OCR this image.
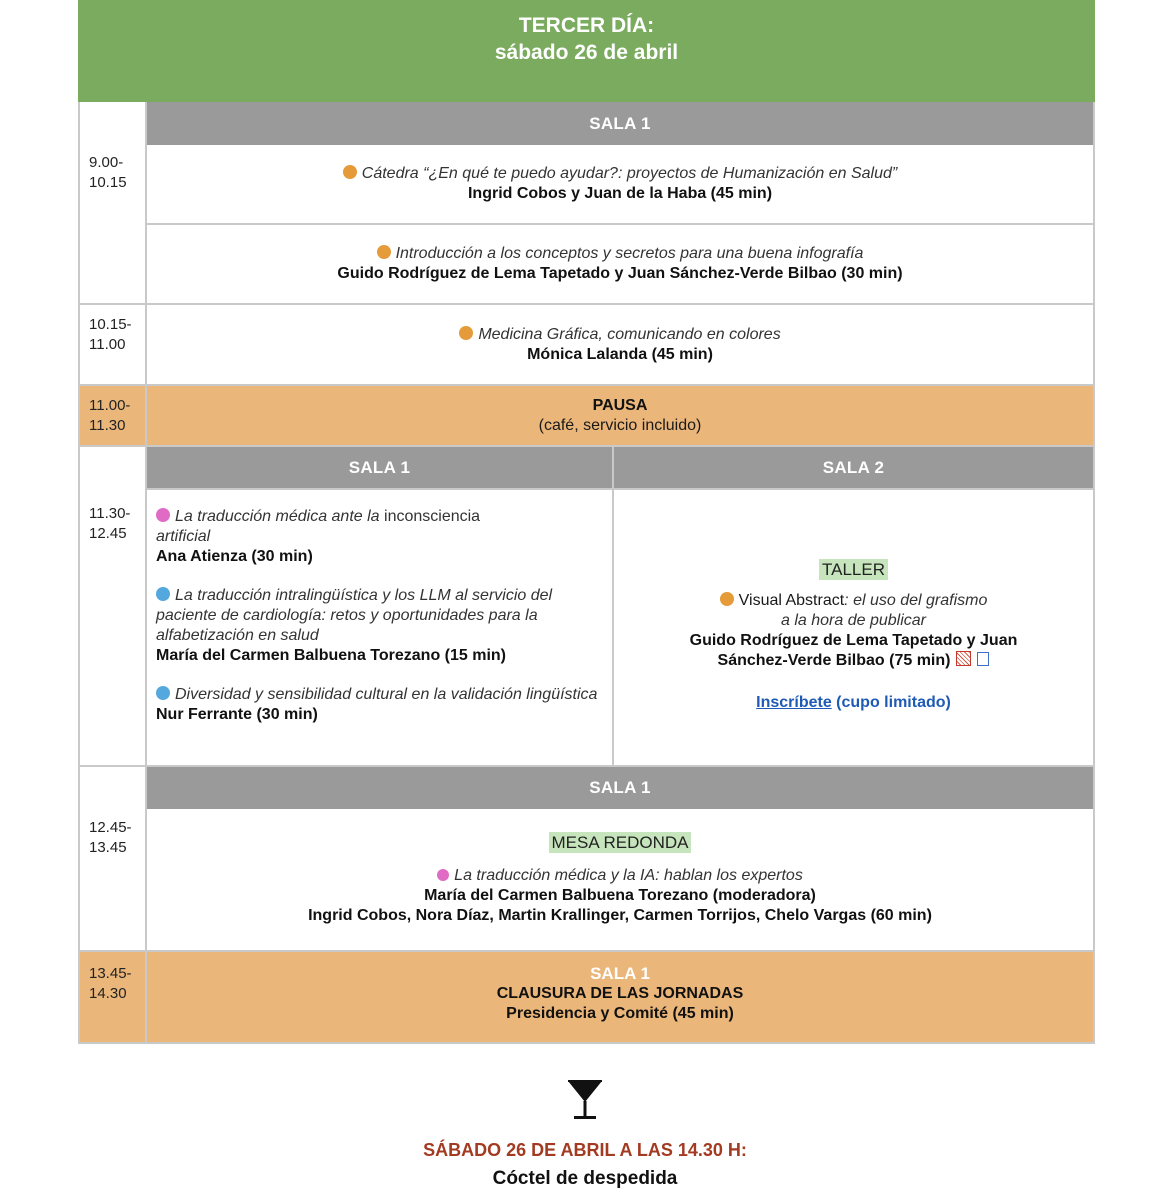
TERCER DÍA:
sábado 26 de abril
9.00-
10.15
SALA 1
Cátedra “¿En qué te puedo ayudar?: proyectos de Humanización en Salud”
Ingrid Cobos y Juan de la Haba (45 min)
Introducción a los conceptos y secretos para una buena infografía
Guido Rodríguez de Lema Tapetado y Juan Sánchez-Verde Bilbao (30 min)
10.15-
11.00
Medicina Gráfica, comunicando en colores
Mónica Lalanda (45 min)
11.00-
11.30
PAUSA
(café, servicio incluido)
11.30-
12.45
SALA 1	SALA 2
La traducción médica ante la inconsciencia
artificial
Ana Atienza (30 min)
La traducción intralingüística y los LLM al servicio del paciente de cardiología: retos y oportunidades para la alfabetización en salud
María del Carmen Balbuena Torezano (15 min)
Diversidad y sensibilidad cultural en la validación lingüística
Nur Ferrante (30 min)
TALLER
Visual Abstract: el uso del grafismo
a la hora de publicar
Guido Rodríguez de Lema Tapetado y Juan Sánchez-Verde Bilbao (75 min)
Inscríbete (cupo limitado)
12.45-
13.45
SALA 1
MESA REDONDA
La traducción médica y la IA: hablan los expertos
María del Carmen Balbuena Torezano (moderadora)
Ingrid Cobos, Nora Díaz, Martin Krallinger, Carmen Torrijos, Chelo Vargas (60 min)
13.45-
14.30
SALA 1
CLAUSURA DE LAS JORNADAS
Presidencia y Comité (45 min)
SÁBADO 26 DE ABRIL A LAS 14.30 H:
Cóctel de despedida
